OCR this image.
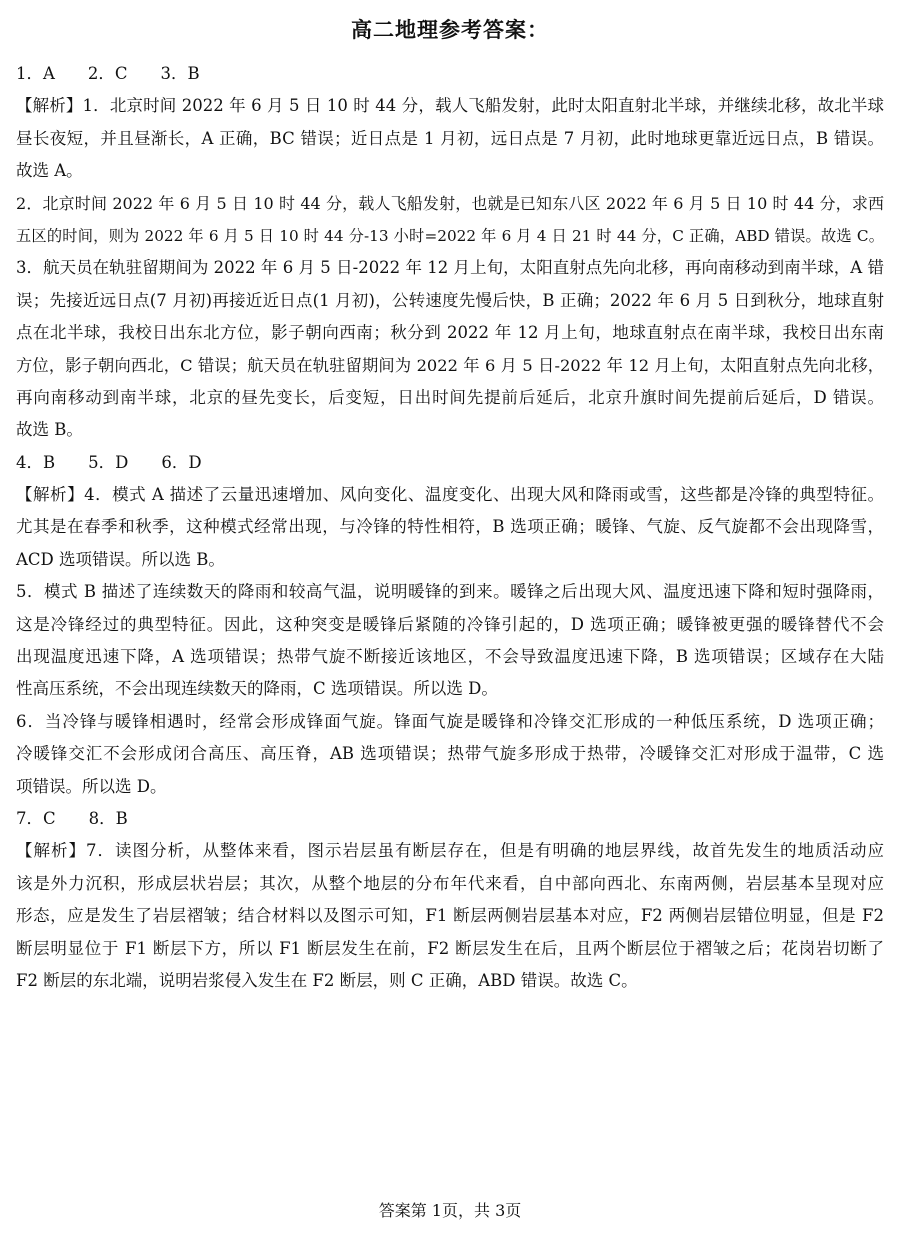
高二地理参考答案：
1．A　　2．C　　3．B
【解析】1．北京时间 2022 年 6 月 5 日 10 时 44 分，载人飞船发射，此时太阳直射北半球，并继续北移，故北半球
昼长夜短，并且昼渐长，A 正确，BC 错误；近日点是 1 月初，远日点是 7 月初，此时地球更靠近远日点，B 错误。
故选 A。
2．北京时间 2022 年 6 月 5 日 10 时 44 分，载人飞船发射，也就是已知东八区 2022 年 6 月 5 日 10 时 44 分，求西
五区的时间，则为 2022 年 6 月 5 日 10 时 44 分-13 小时=2022 年 6 月 4 日 21 时 44 分，C 正确，ABD 错误。故选 C。
3．航天员在轨驻留期间为 2022 年 6 月 5 日-2022 年 12 月上旬，太阳直射点先向北移，再向南移动到南半球，A 错
误；先接近远日点(7 月初)再接近近日点(1 月初)，公转速度先慢后快，B 正确；2022 年 6 月 5 日到秋分，地球直射
点在北半球，我校日出东北方位，影子朝向西南；秋分到 2022 年 12 月上旬，地球直射点在南半球，我校日出东南
方位，影子朝向西北，C 错误；航天员在轨驻留期间为 2022 年 6 月 5 日-2022 年 12 月上旬，太阳直射点先向北移，
再向南移动到南半球，北京的昼先变长，后变短，日出时间先提前后延后，北京升旗时间先提前后延后，D 错误。
故选 B。
4．B　　5．D　　6．D
【解析】4．模式 A 描述了云量迅速增加、风向变化、温度变化、出现大风和降雨或雪，这些都是冷锋的典型特征。
尤其是在春季和秋季，这种模式经常出现，与冷锋的特性相符，B 选项正确；暖锋、气旋、反气旋都不会出现降雪，
ACD 选项错误。所以选 B。
5．模式 B 描述了连续数天的降雨和较高气温，说明暖锋的到来。暖锋之后出现大风、温度迅速下降和短时强降雨，
这是冷锋经过的典型特征。因此，这种突变是暖锋后紧随的冷锋引起的，D 选项正确；暖锋被更强的暖锋替代不会
出现温度迅速下降，A 选项错误；热带气旋不断接近该地区，不会导致温度迅速下降，B 选项错误；区域存在大陆
性高压系统，不会出现连续数天的降雨，C 选项错误。所以选 D。
6．当冷锋与暖锋相遇时，经常会形成锋面气旋。锋面气旋是暖锋和冷锋交汇形成的一种低压系统，D 选项正确；
冷暖锋交汇不会形成闭合高压、高压脊，AB 选项错误；热带气旋多形成于热带，冷暖锋交汇对形成于温带，C 选
项错误。所以选 D。
7．C　　8．B
【解析】7．读图分析，从整体来看，图示岩层虽有断层存在，但是有明确的地层界线，故首先发生的地质活动应
该是外力沉积，形成层状岩层；其次，从整个地层的分布年代来看，自中部向西北、东南两侧，岩层基本呈现对应
形态，应是发生了岩层褶皱；结合材料以及图示可知，F1 断层两侧岩层基本对应，F2 两侧岩层错位明显，但是 F2
断层明显位于 F1 断层下方，所以 F1 断层发生在前，F2 断层发生在后，且两个断层位于褶皱之后；花岗岩切断了
F2 断层的东北端，说明岩浆侵入发生在 F2 断层，则 C 正确，ABD 错误。故选 C。
答案第 1页，共 3页
